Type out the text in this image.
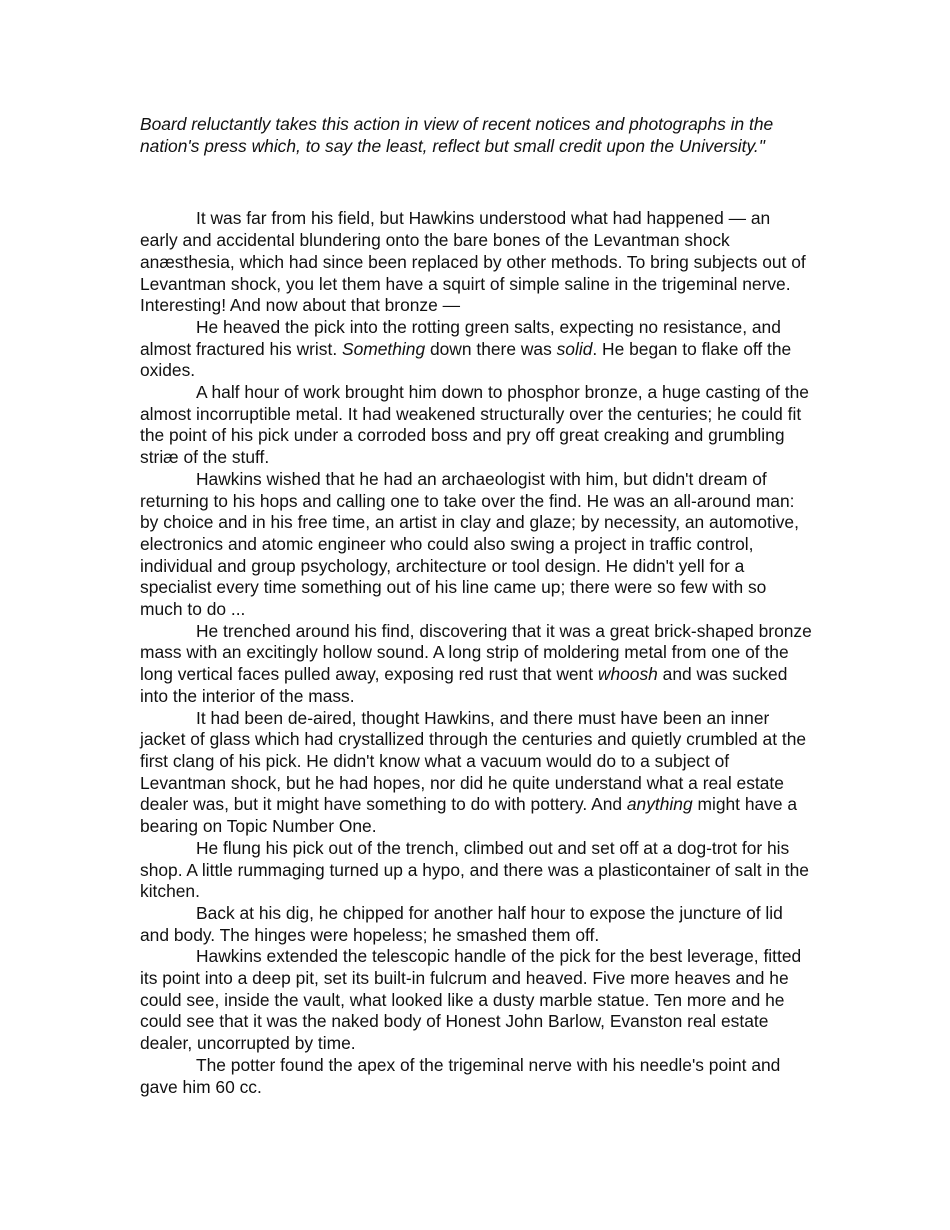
Board reluctantly takes this action in view of recent notices and photographs in the nation's press which, to say the least, reflect but small credit upon the University."

It was far from his field, but Hawkins understood what had happened — an early and accidental blundering onto the bare bones of the Levantman shock anæsthesia, which had since been replaced by other methods. To bring subjects out of Levantman shock, you let them have a squirt of simple saline in the trigeminal nerve. Interesting! And now about that bronze —

He heaved the pick into the rotting green salts, expecting no resistance, and almost fractured his wrist. Something down there was solid. He began to flake off the oxides.

A half hour of work brought him down to phosphor bronze, a huge casting of the almost incorruptible metal. It had weakened structurally over the centuries; he could fit the point of his pick under a corroded boss and pry off great creaking and grumbling striæ of the stuff.

Hawkins wished that he had an archaeologist with him, but didn't dream of returning to his hops and calling one to take over the find. He was an all-around man: by choice and in his free time, an artist in clay and glaze; by necessity, an automotive, electronics and atomic engineer who could also swing a project in traffic control, individual and group psychology, architecture or tool design. He didn't yell for a specialist every time something out of his line came up; there were so few with so much to do ...

He trenched around his find, discovering that it was a great brick-shaped bronze mass with an excitingly hollow sound. A long strip of moldering metal from one of the long vertical faces pulled away, exposing red rust that went whoosh and was sucked into the interior of the mass.

It had been de-aired, thought Hawkins, and there must have been an inner jacket of glass which had crystallized through the centuries and quietly crumbled at the first clang of his pick. He didn't know what a vacuum would do to a subject of Levantman shock, but he had hopes, nor did he quite understand what a real estate dealer was, but it might have something to do with pottery. And anything might have a bearing on Topic Number One.

He flung his pick out of the trench, climbed out and set off at a dog-trot for his shop. A little rummaging turned up a hypo, and there was a plasticontainer of salt in the kitchen.

Back at his dig, he chipped for another half hour to expose the juncture of lid and body. The hinges were hopeless; he smashed them off.

Hawkins extended the telescopic handle of the pick for the best leverage, fitted its point into a deep pit, set its built-in fulcrum and heaved. Five more heaves and he could see, inside the vault, what looked like a dusty marble statue. Ten more and he could see that it was the naked body of Honest John Barlow, Evanston real estate dealer, uncorrupted by time.

The potter found the apex of the trigeminal nerve with his needle's point and gave him 60 cc.
